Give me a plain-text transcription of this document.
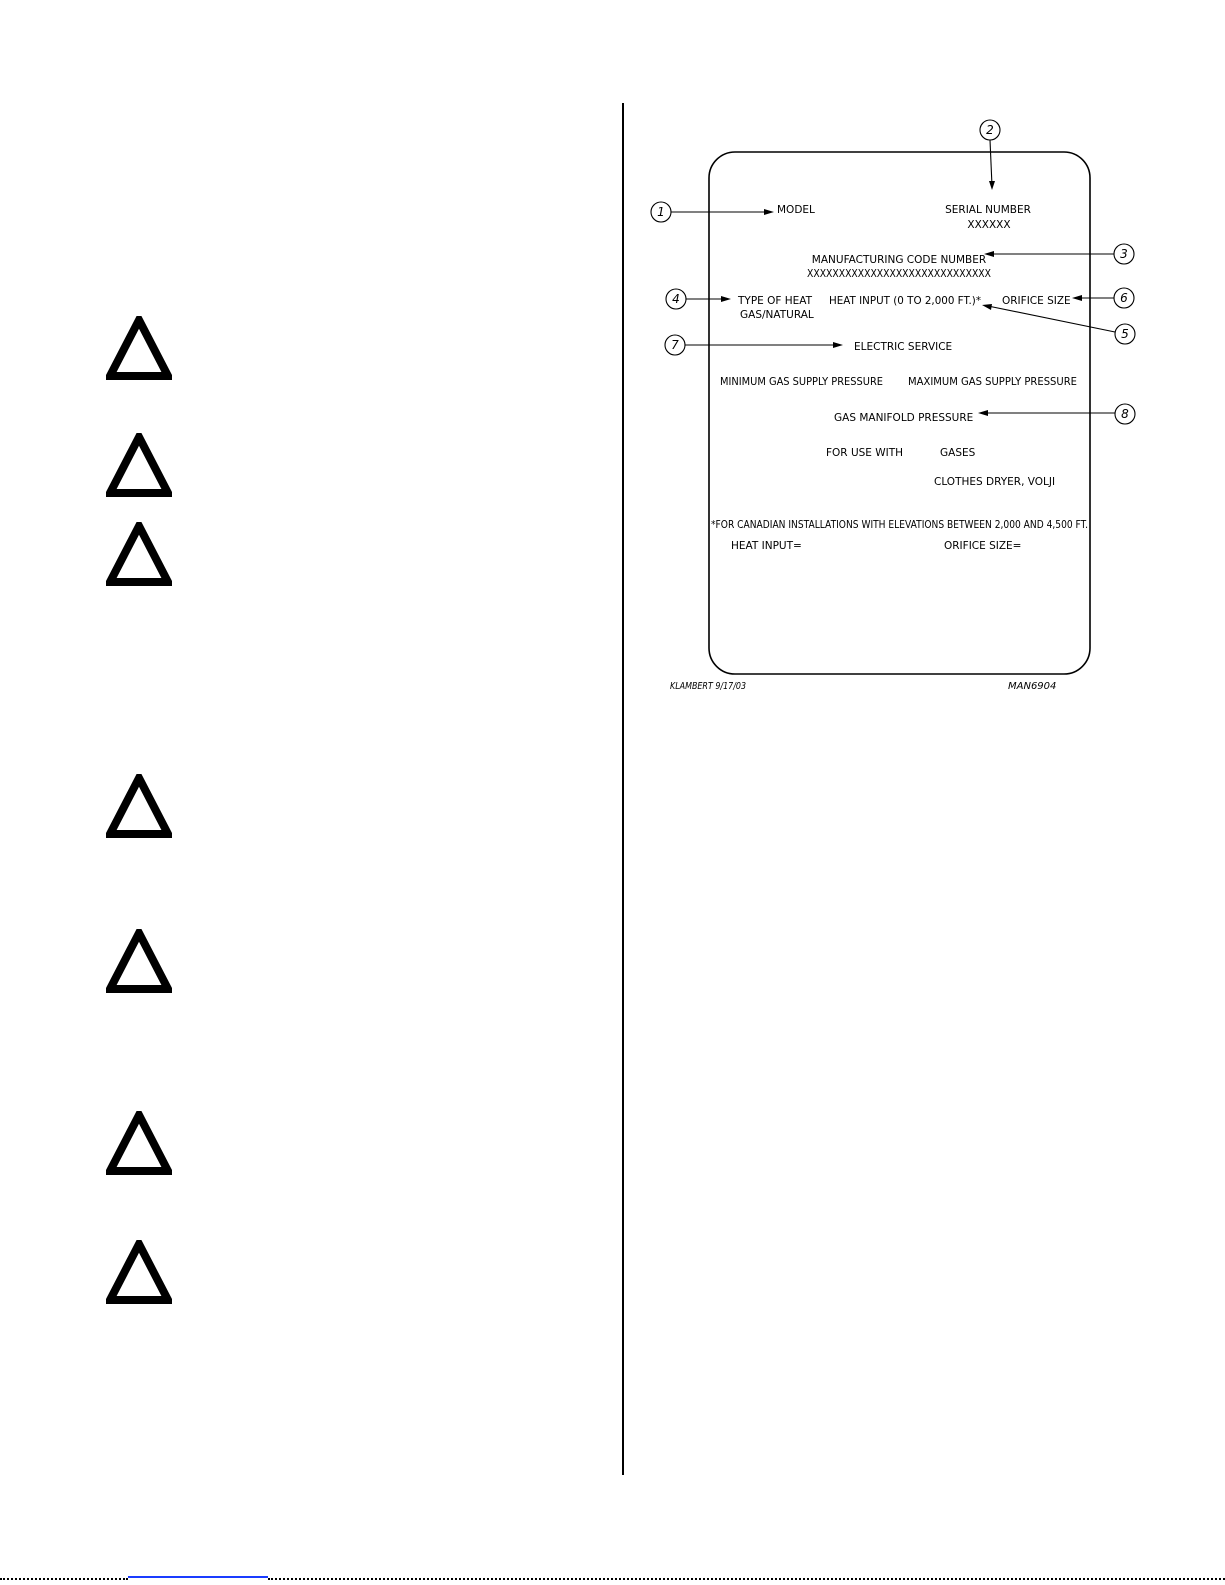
1
2
3
4
5
6
7
8
MODEL	SERIAL NUMBER
XXXXXX
MANUFACTURING CODE NUMBER
XXXXXXXXXXXXXXXXXXXXXXXXXXXXX
TYPE OF HEAT
GAS/NATURAL
HEAT INPUT (0 TO 2,000 FT.)* ORIFICE SIZE
ELECTRIC SERVICE
MINIMUM GAS SUPPLY PRESSURE MAXIMUM GAS SUPPLY PRESSURE
GAS MANIFOLD PRESSURE
FOR USE WITH	GASES
CLOTHES DRYER, VOLJI
*FOR CANADIAN INSTALLATIONS WITH ELEVATIONS BETWEEN 2,000 AND 4,500 FT.
HEAT INPUT=	ORIFICE SIZE=
KLAMBERT 9/17/03	MAN6904
